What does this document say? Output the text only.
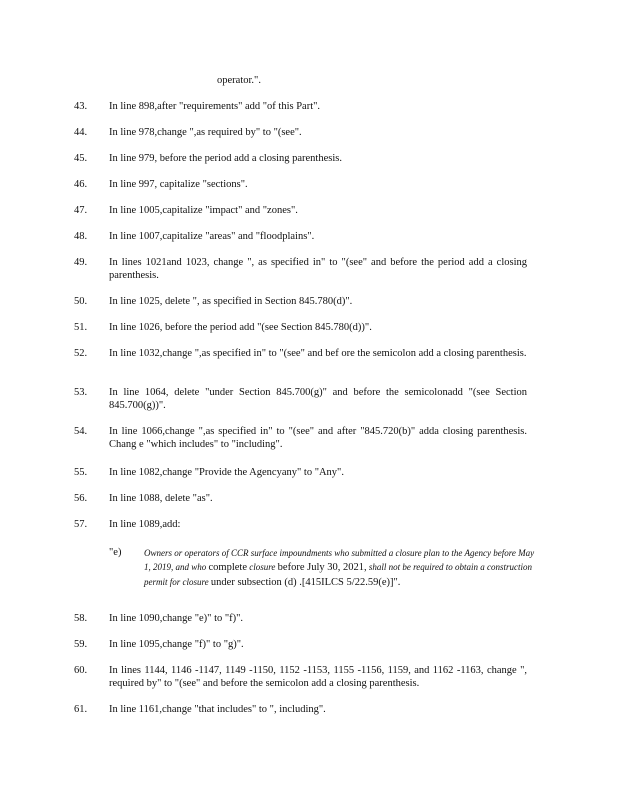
operator.".
43. In line 898,after "requirements" add "of this Part".
44. In line 978,change ",as required by" to "(see".
45. In line 979, before the period add a closing parenthesis.
46. In line 997, capitalize "sections".
47. In line 1005,capitalize "impact" and "zones".
48. In line 1007,capitalize "areas" and "floodplains".
49. In lines 1021and 1023, change ", as specified in" to "(see" and before the period add a closing parenthesis.
50. In line 1025, delete ", as specified in Section 845.780(d)".
51. In line 1026, before the period add "(see Section 845.780(d))".
52. In line 1032,change ",as specified in" to "(see" and bef ore the semicolon add a closing parenthesis.
53. In line 1064, delete "under Section 845.700(g)" and before the semicolonadd "(see Section 845.700(g))".
54. In line 1066,change ",as specified in" to "(see" and after "845.720(b)" adda closing parenthesis. Chang e "which includes" to "including".
55. In line 1082,change "Provide the Agencyany" to "Any".
56. In line 1088, delete "as".
57. In line 1089,add:
58. In line 1090,change "e)" to "f)".
59. In line 1095,change "f)" to "g)".
60. In lines 1144, 1146 -1147, 1149 -1150, 1152 -1153, 1155 -1156, 1159, and 1162 -1163, change ", required by" to "(see" and before the semicolon add a closing parenthesis.
61. In line 1161,change "that includes" to ", including".
"e)	Owners or operators of CCR surface impoundments who submitted a closure plan to the Agency before May 1, 2019, and who complete closure before July 30, 2021, shall not be required to obtain a construction permit for closure under subsection (d) .[415ILCS 5/22.59(e)]".
